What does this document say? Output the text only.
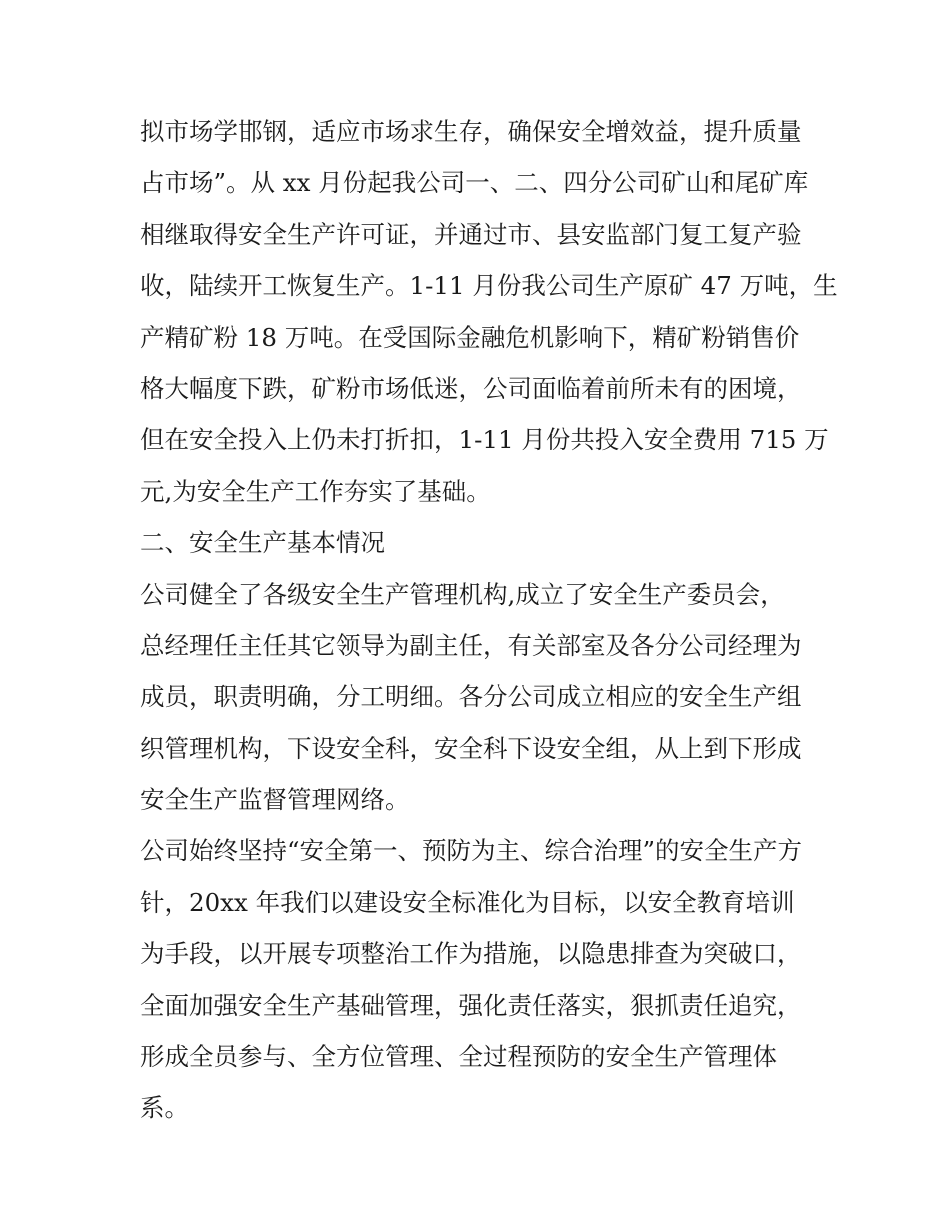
拟市场学邯钢，适应市场求生存，确保安全增效益，提升质量
占市场”。从 xx 月份起我公司一、二、四分公司矿山和尾矿库
相继取得安全生产许可证，并通过市、县安监部门复工复产验
收，陆续开工恢复生产。1-11 月份我公司生产原矿 47 万吨，生
产精矿粉 18 万吨。在受国际金融危机影响下，精矿粉销售价
格大幅度下跌，矿粉市场低迷，公司面临着前所未有的困境，
但在安全投入上仍未打折扣，1-11 月份共投入安全费用 715 万
元,为安全生产工作夯实了基础。
二、安全生产基本情况
公司健全了各级安全生产管理机构,成立了安全生产委员会，
总经理任主任其它领导为副主任，有关部室及各分公司经理为
成员，职责明确，分工明细。各分公司成立相应的安全生产组
织管理机构，下设安全科，安全科下设安全组，从上到下形成
安全生产监督管理网络。
公司始终坚持“安全第一、预防为主、综合治理”的安全生产方
针，20xx 年我们以建设安全标准化为目标，以安全教育培训
为手段，以开展专项整治工作为措施，以隐患排查为突破口，
全面加强安全生产基础管理，强化责任落实，狠抓责任追究，
形成全员参与、全方位管理、全过程预防的安全生产管理体
系。
